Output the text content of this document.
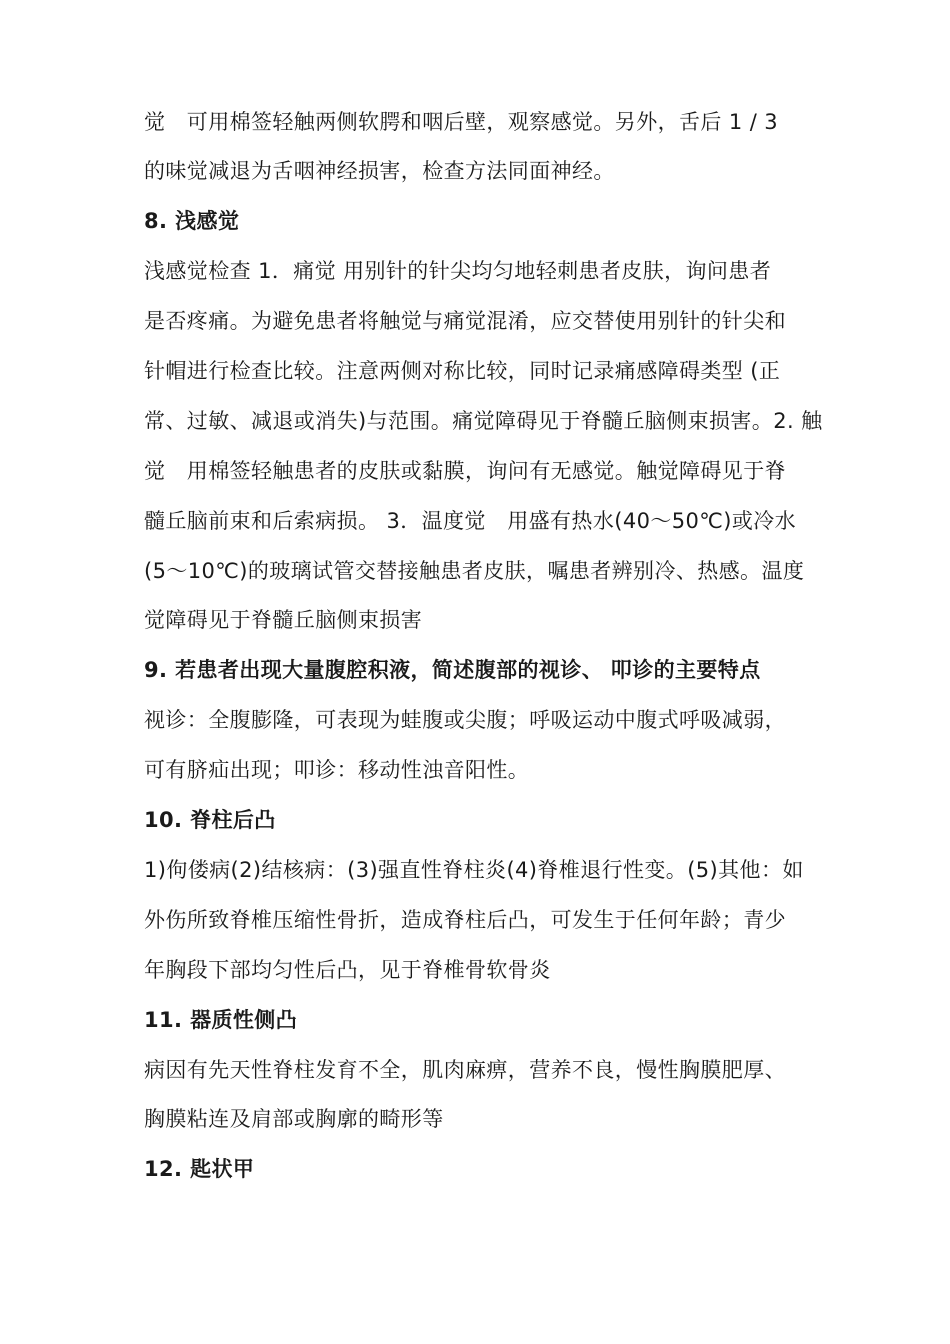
觉　可用棉签轻触两侧软腭和咽后壁，观察感觉。另外，舌后 1 / 3
的味觉减退为舌咽神经损害，检查方法同面神经。
8. 浅感觉
浅感觉检查 1．痛觉 用别针的针尖均匀地轻刺患者皮肤，询问患者
是否疼痛。为避免患者将触觉与痛觉混淆，应交替使用别针的针尖和
针帽进行检查比较。注意两侧对称比较，同时记录痛感障碍类型 (正
常、过敏、减退或消失)与范围。痛觉障碍见于脊髓丘脑侧束损害。2. 触
觉　用棉签轻触患者的皮肤或黏膜，询问有无感觉。触觉障碍见于脊
髓丘脑前束和后索病损。 3．温度觉　用盛有热水(40～50℃)或冷水
(5～10℃)的玻璃试管交替接触患者皮肤，嘱患者辨别冷、热感。温度
觉障碍见于脊髓丘脑侧束损害
9. 若患者出现大量腹腔积液，简述腹部的视诊、 叩诊的主要特点
视诊：全腹膨隆，可表现为蛙腹或尖腹；呼吸运动中腹式呼吸减弱，
可有脐疝出现；叩诊：移动性浊音阳性。
10. 脊柱后凸
1)佝偻病(2)结核病：(3)强直性脊柱炎(4)脊椎退行性变。(5)其他：如
外伤所致脊椎压缩性骨折，造成脊柱后凸，可发生于任何年龄；青少
年胸段下部均匀性后凸，见于脊椎骨软骨炎
11. 器质性侧凸
病因有先天性脊柱发育不全，肌肉麻痹，营养不良，慢性胸膜肥厚、
胸膜粘连及肩部或胸廓的畸形等
12. 匙状甲
